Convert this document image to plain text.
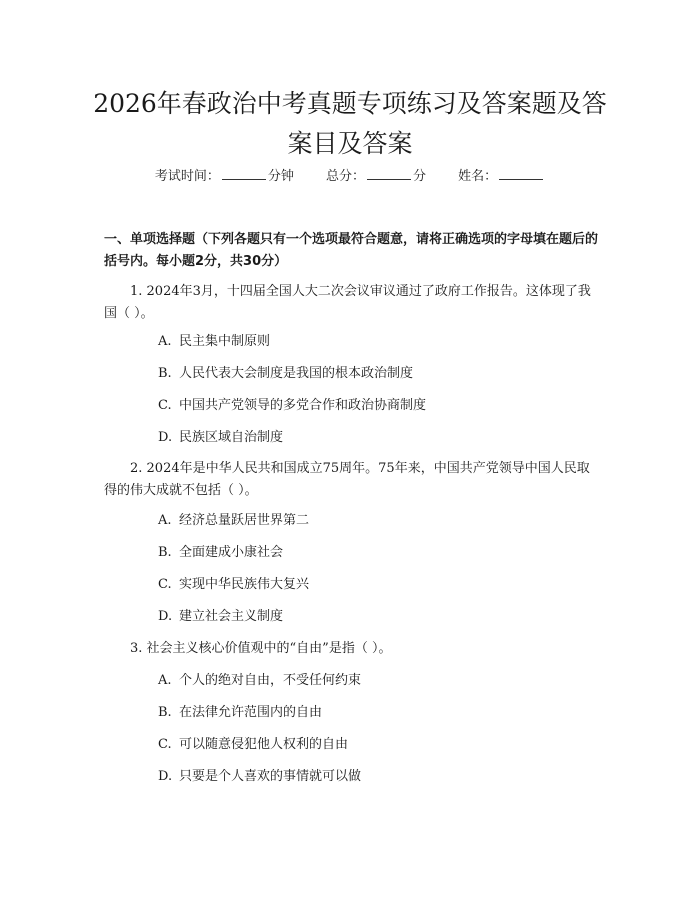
2026年春政治中考真题专项练习及答案题及答案目及答案
考试时间：	分钟 总分：	分 姓名：
一、单项选择题（下列各题只有一个选项最符合题意，请将正确选项的字母填在题后的括号内。每小题2分，共30分）
1. 2024年3月，十四届全国人大二次会议审议通过了政府工作报告。这体现了我国（ ）。
A. 民主集中制原则
B. 人民代表大会制度是我国的根本政治制度
C. 中国共产党领导的多党合作和政治协商制度
D. 民族区域自治制度
2. 2024年是中华人民共和国成立75周年。75年来，中国共产党领导中国人民取得的伟大成就不包括（ ）。
A. 经济总量跃居世界第二
B. 全面建成小康社会
C. 实现中华民族伟大复兴
D. 建立社会主义制度
3. 社会主义核心价值观中的“自由”是指（ ）。
A. 个人的绝对自由，不受任何约束
B. 在法律允许范围内的自由
C. 可以随意侵犯他人权利的自由
D. 只要是个人喜欢的事情就可以做
